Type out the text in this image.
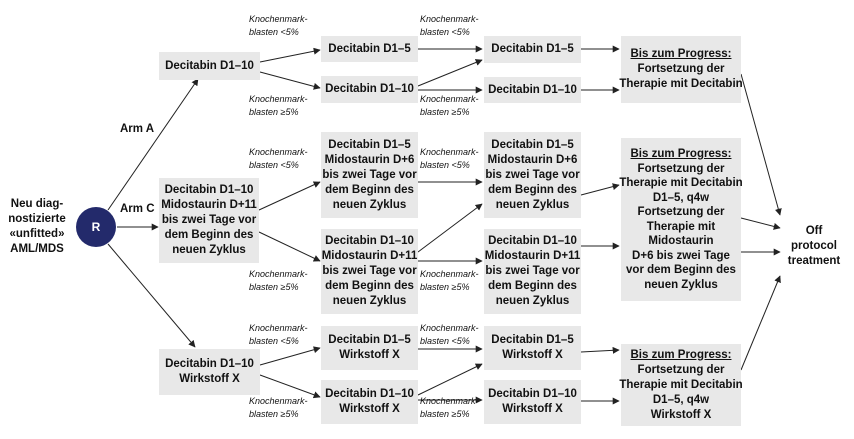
Neu diag-
nostizierte
«unfitted»
AML/MDS
R
Arm A
Arm C
Decitabin D1–10
Decitabin D1–5
Decitabin D1–10
Decitabin D1–5
Decitabin D1–10
Bis zum Progress:
Fortsetzung der
Therapie mit Decitabin
Knochenmark-
blasten <5%
Knochenmark-
blasten ≥5%
Knochenmark-
blasten <5%
Knochenmark-
blasten ≥5%
Decitabin D1–10
Midostaurin D+11
bis zwei Tage vor
dem Beginn des
neuen Zyklus
Decitabin D1–5
Midostaurin D+6
bis zwei Tage vor
dem Beginn des
neuen Zyklus
Decitabin D1–10
Midostaurin D+11
bis zwei Tage vor
dem Beginn des
neuen Zyklus
Decitabin D1–5
Midostaurin D+6
bis zwei Tage vor
dem Beginn des
neuen Zyklus
Decitabin D1–10
Midostaurin D+11
bis zwei Tage vor
dem Beginn des
neuen Zyklus
Bis zum Progress:
Fortsetzung der
Therapie mit Decitabin
D1–5, q4w
Fortsetzung der
Therapie mit
Midostaurin
D+6 bis zwei Tage
vor dem Beginn des
neuen Zyklus
Knochenmark-
blasten <5%
Knochenmark-
blasten ≥5%
Knochenmark-
blasten <5%
Knochenmark-
blasten ≥5%
Decitabin D1–10
Wirkstoff X
Decitabin D1–5
Wirkstoff X
Decitabin D1–10
Wirkstoff X
Decitabin D1–5
Wirkstoff X
Decitabin D1–10
Wirkstoff X
Bis zum Progress:
Fortsetzung der
Therapie mit Decitabin
D1–5, q4w
Wirkstoff X
Knochenmark-
blasten <5%
Knochenmark-
blasten ≥5%
Knochenmark-
blasten <5%
Knochenmark-
blasten ≥5%
Off
protocol
treatment
